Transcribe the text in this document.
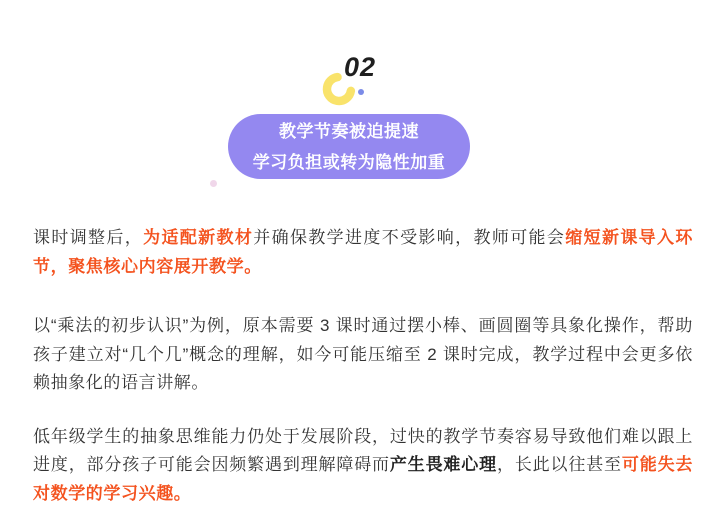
02
教学节奏被迫提速
学习负担或转为隐性加重

课时调整后，为适配新教材并确保教学进度不受影响，教师可能会缩短新课导入环节，聚焦核心内容展开教学。

以“乘法的初步认识”为例，原本需要 3 课时通过摆小棒、画圆圈等具象化操作，帮助孩子建立对“几个几”概念的理解，如今可能压缩至 2 课时完成，教学过程中会更多依赖抽象化的语言讲解。

低年级学生的抽象思维能力仍处于发展阶段，过快的教学节奏容易导致他们难以跟上进度，部分孩子可能会因频繁遇到理解障碍而产生畏难心理，长此以往甚至可能失去对数学的学习兴趣。
